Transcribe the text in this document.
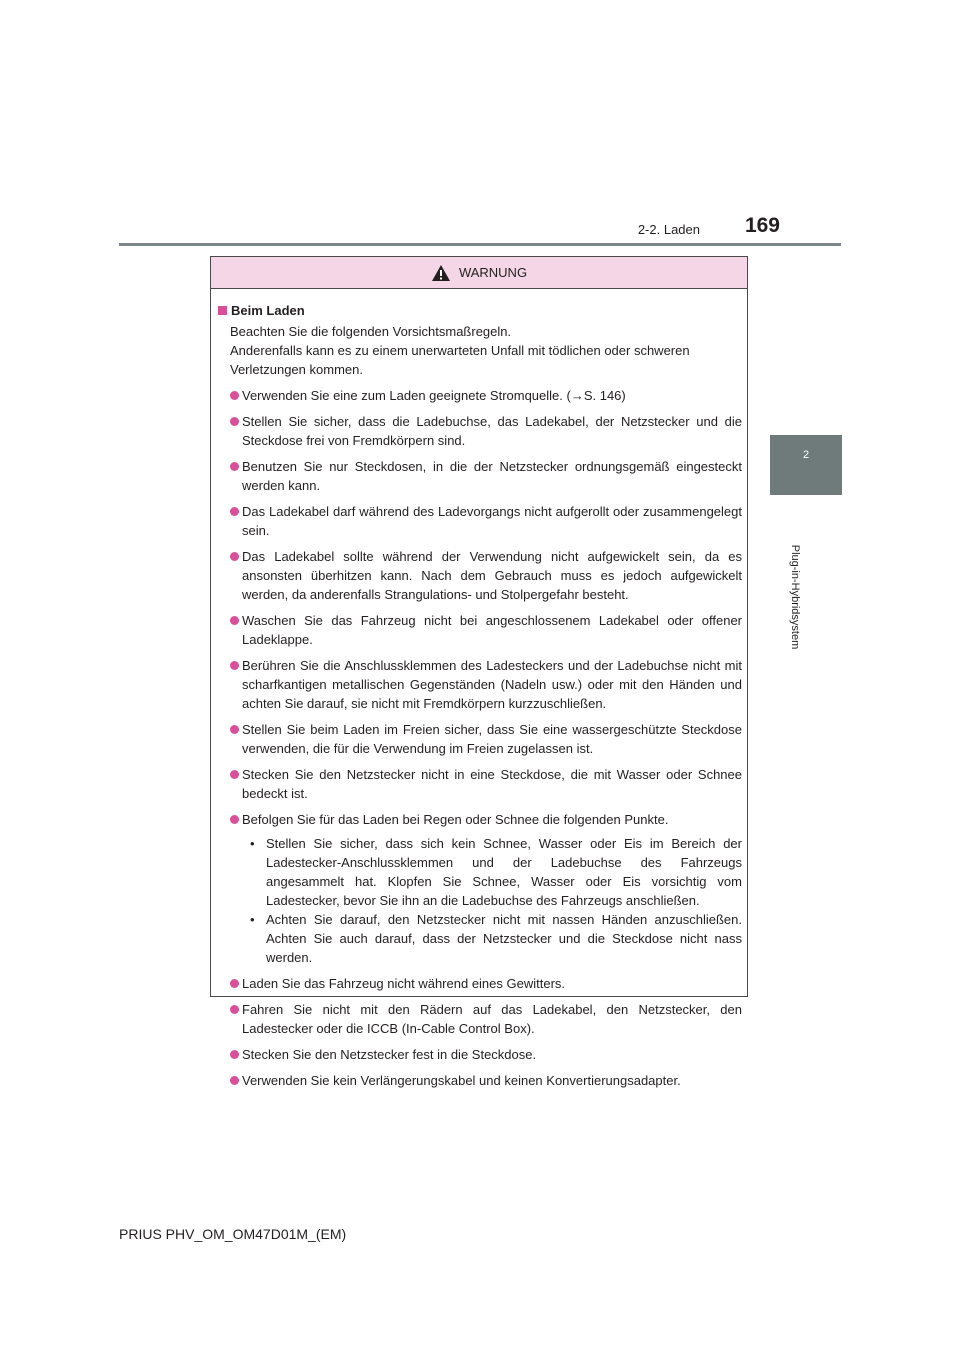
2-2. Laden	169
2
Plug-in-Hybridsystem
WARNUNG
Beim Laden
Beachten Sie die folgenden Vorsichtsmaßregeln.
Anderenfalls kann es zu einem unerwarteten Unfall mit tödlichen oder schweren Verletzungen kommen.
Verwenden Sie eine zum Laden geeignete Stromquelle. (→S. 146)
Stellen Sie sicher, dass die Ladebuchse, das Ladekabel, der Netzstecker und die Steckdose frei von Fremdkörpern sind.
Benutzen Sie nur Steckdosen, in die der Netzstecker ordnungsgemäß eingesteckt werden kann.
Das Ladekabel darf während des Ladevorgangs nicht aufgerollt oder zusammengelegt sein.
Das Ladekabel sollte während der Verwendung nicht aufgewickelt sein, da es ansonsten überhitzen kann. Nach dem Gebrauch muss es jedoch aufgewickelt werden, da anderenfalls Strangulations- und Stolpergefahr besteht.
Waschen Sie das Fahrzeug nicht bei angeschlossenem Ladekabel oder offener Ladeklappe.
Berühren Sie die Anschlussklemmen des Ladesteckers und der Ladebuchse nicht mit scharfkantigen metallischen Gegenständen (Nadeln usw.) oder mit den Händen und achten Sie darauf, sie nicht mit Fremdkörpern kurzzuschließen.
Stellen Sie beim Laden im Freien sicher, dass Sie eine wassergeschützte Steckdose verwenden, die für die Verwendung im Freien zugelassen ist.
Stecken Sie den Netzstecker nicht in eine Steckdose, die mit Wasser oder Schnee bedeckt ist.
Befolgen Sie für das Laden bei Regen oder Schnee die folgenden Punkte.
• Stellen Sie sicher, dass sich kein Schnee, Wasser oder Eis im Bereich der Ladestecker-Anschlussklemmen und der Ladebuchse des Fahrzeugs angesammelt hat. Klopfen Sie Schnee, Wasser oder Eis vorsichtig vom Ladestecker, bevor Sie ihn an die Ladebuchse des Fahrzeugs anschließen.
• Achten Sie darauf, den Netzstecker nicht mit nassen Händen anzuschließen. Achten Sie auch darauf, dass der Netzstecker und die Steckdose nicht nass werden.
Laden Sie das Fahrzeug nicht während eines Gewitters.
Fahren Sie nicht mit den Rädern auf das Ladekabel, den Netzstecker, den Ladestecker oder die ICCB (In-Cable Control Box).
Stecken Sie den Netzstecker fest in die Steckdose.
Verwenden Sie kein Verlängerungskabel und keinen Konvertierungsadapter.
PRIUS PHV_OM_OM47D01M_(EM)
